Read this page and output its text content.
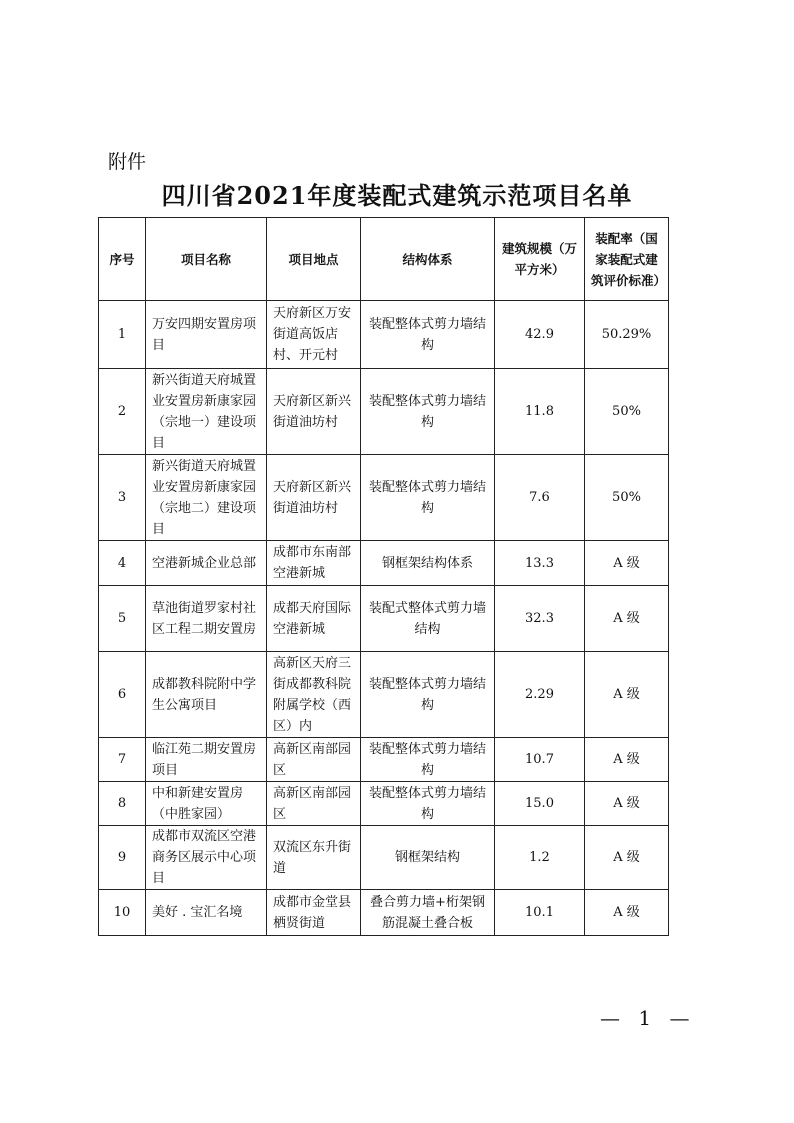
附件
四川省2021年度装配式建筑示范项目名单
序号	项目名称	项目地点	结构体系	建筑规模（万平方米）	装配率（国家装配式建筑评价标准）
1	万安四期安置房项目	天府新区万安街道高饭店村、开元村	装配整体式剪力墙结构	42.9	50.29%
2	新兴街道天府城置业安置房新康家园（宗地一）建设项目	天府新区新兴街道油坊村	装配整体式剪力墙结构	11.8	50%
3	新兴街道天府城置业安置房新康家园（宗地二）建设项目	天府新区新兴街道油坊村	装配整体式剪力墙结构	7.6	50%
4	空港新城企业总部	成都市东南部空港新城	钢框架结构体系	13.3	A 级
5	草池街道罗家村社区工程二期安置房	成都天府国际空港新城	装配式整体式剪力墙结构	32.3	A 级
6	成都教科院附中学生公寓项目	高新区天府三街成都教科院附属学校（西区）内	装配整体式剪力墙结构	2.29	A 级
7	临江苑二期安置房项目	高新区南部园区	装配整体式剪力墙结构	10.7	A 级
8	中和新建安置房（中胜家园）	高新区南部园区	装配整体式剪力墙结构	15.0	A 级
9	成都市双流区空港商务区展示中心项目	双流区东升街道	钢框架结构	1.2	A 级
10	美好 . 宝汇名境	成都市金堂县栖贤街道	叠合剪力墙+桁架钢筋混凝土叠合板	10.1	A 级
— 1 —
